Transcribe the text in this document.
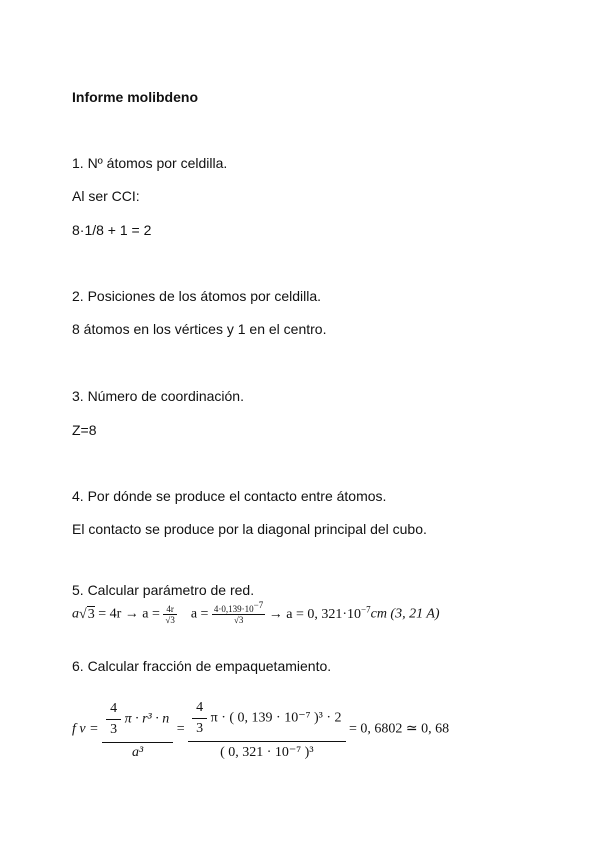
Informe molibdeno
1. Nº átomos por celdilla.
Al ser CCI:
8·1/8 + 1 = 2
2. Posiciones de los átomos por celdilla.
8 átomos en los vértices y 1 en el centro.
3. Número de coordinación.
Z=8
4. Por dónde se produce el contacto entre átomos.
El contacto se produce por la diagonal principal del cubo.
5. Calcular parámetro de red.
$a√3 = 4r \to a = \frac{4r}{√3}$ $a = \frac{4\cdot 0,139\cdot 10^{-7}}{√3} \to a = 0$, $321\cdot 10^{-7}cm$ (3, 21 A)
6. Calcular fracción de empaquetamiento.
f $v = \frac{\frac{4}{3} \pi \cdot r^3 \cdot n}{\text{a³}} = \frac{\frac{4}{3} \pi \cdot ( 0, 139 \cdot 10^{-7} )^3 \cdot 2}{\text{( 0, 321 · 10⁻⁷ )³}} = 0$, 6802 ≃ 0, 68
